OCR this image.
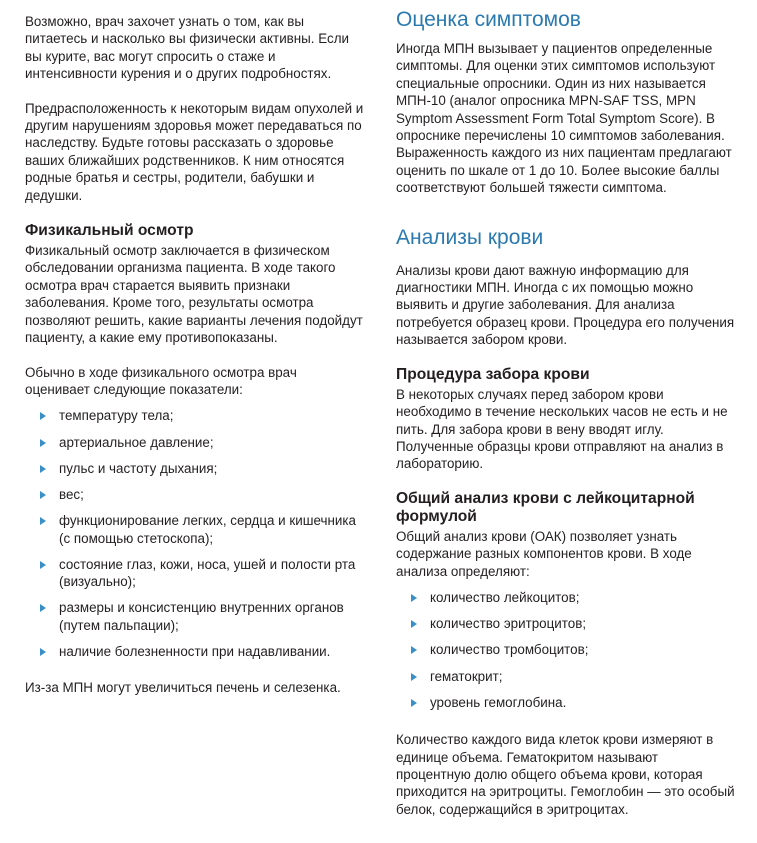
Возможно, врач захочет узнать о том, как вы питаетесь и насколько вы физически активны. Если вы курите, вас могут спросить о стаже и интенсивности курения и о других подробностях.

Предрасположенность к некоторым видам опухолей и другим нарушениям здоровья может передаваться по наследству. Будьте готовы рассказать о здоровье ваших ближайших родственников. К ним относятся родные братья и сестры, родители, бабушки и дедушки.

Физикальный осмотр

Физикальный осмотр заключается в физическом обследовании организма пациента. В ходе такого осмотра врач старается выявить признаки заболевания. Кроме того, результаты осмотра позволяют решить, какие варианты лечения подойдут пациенту, а какие ему противопоказаны.

Обычно в ходе физикального осмотра врач оценивает следующие показатели:

температуру тела;
артериальное давление;
пульс и частоту дыхания;
вес;
функционирование легких, сердца и кишечника (с помощью стетоскопа);
состояние глаз, кожи, носа, ушей и полости рта (визуально);
размеры и консистенцию внутренних органов (путем пальпации);
наличие болезненности при надавливании.

Из-за МПН могут увеличиться печень и селезенка.

Оценка симптомов

Иногда МПН вызывает у пациентов определенные симптомы. Для оценки этих симптомов используют специальные опросники. Один из них называется МПН-10 (аналог опросника MPN-SAF TSS, MPN Symptom Assessment Form Total Symptom Score). В опроснике перечислены 10 симптомов заболевания. Выраженность каждого из них пациентам предлагают оценить по шкале от 1 до 10. Более высокие баллы соответствуют большей тяжести симптома.

Анализы крови

Анализы крови дают важную информацию для диагностики МПН. Иногда с их помощью можно выявить и другие заболевания. Для анализа потребуется образец крови. Процедура его получения называется забором крови.

Процедура забора крови

В некоторых случаях перед забором крови необходимо в течение нескольких часов не есть и не пить. Для забора крови в вену вводят иглу. Полученные образцы крови отправляют на анализ в лабораторию.

Общий анализ крови с лейкоцитарной формулой

Общий анализ крови (ОАК) позволяет узнать содержание разных компонентов крови. В ходе анализа определяют:

количество лейкоцитов;
количество эритроцитов;
количество тромбоцитов;
гематокрит;
уровень гемоглобина.

Количество каждого вида клеток крови измеряют в единице объема. Гематокритом называют процентную долю общего объема крови, которая приходится на эритроциты. Гемоглобин — это особый белок, содержащийся в эритроцитах.
